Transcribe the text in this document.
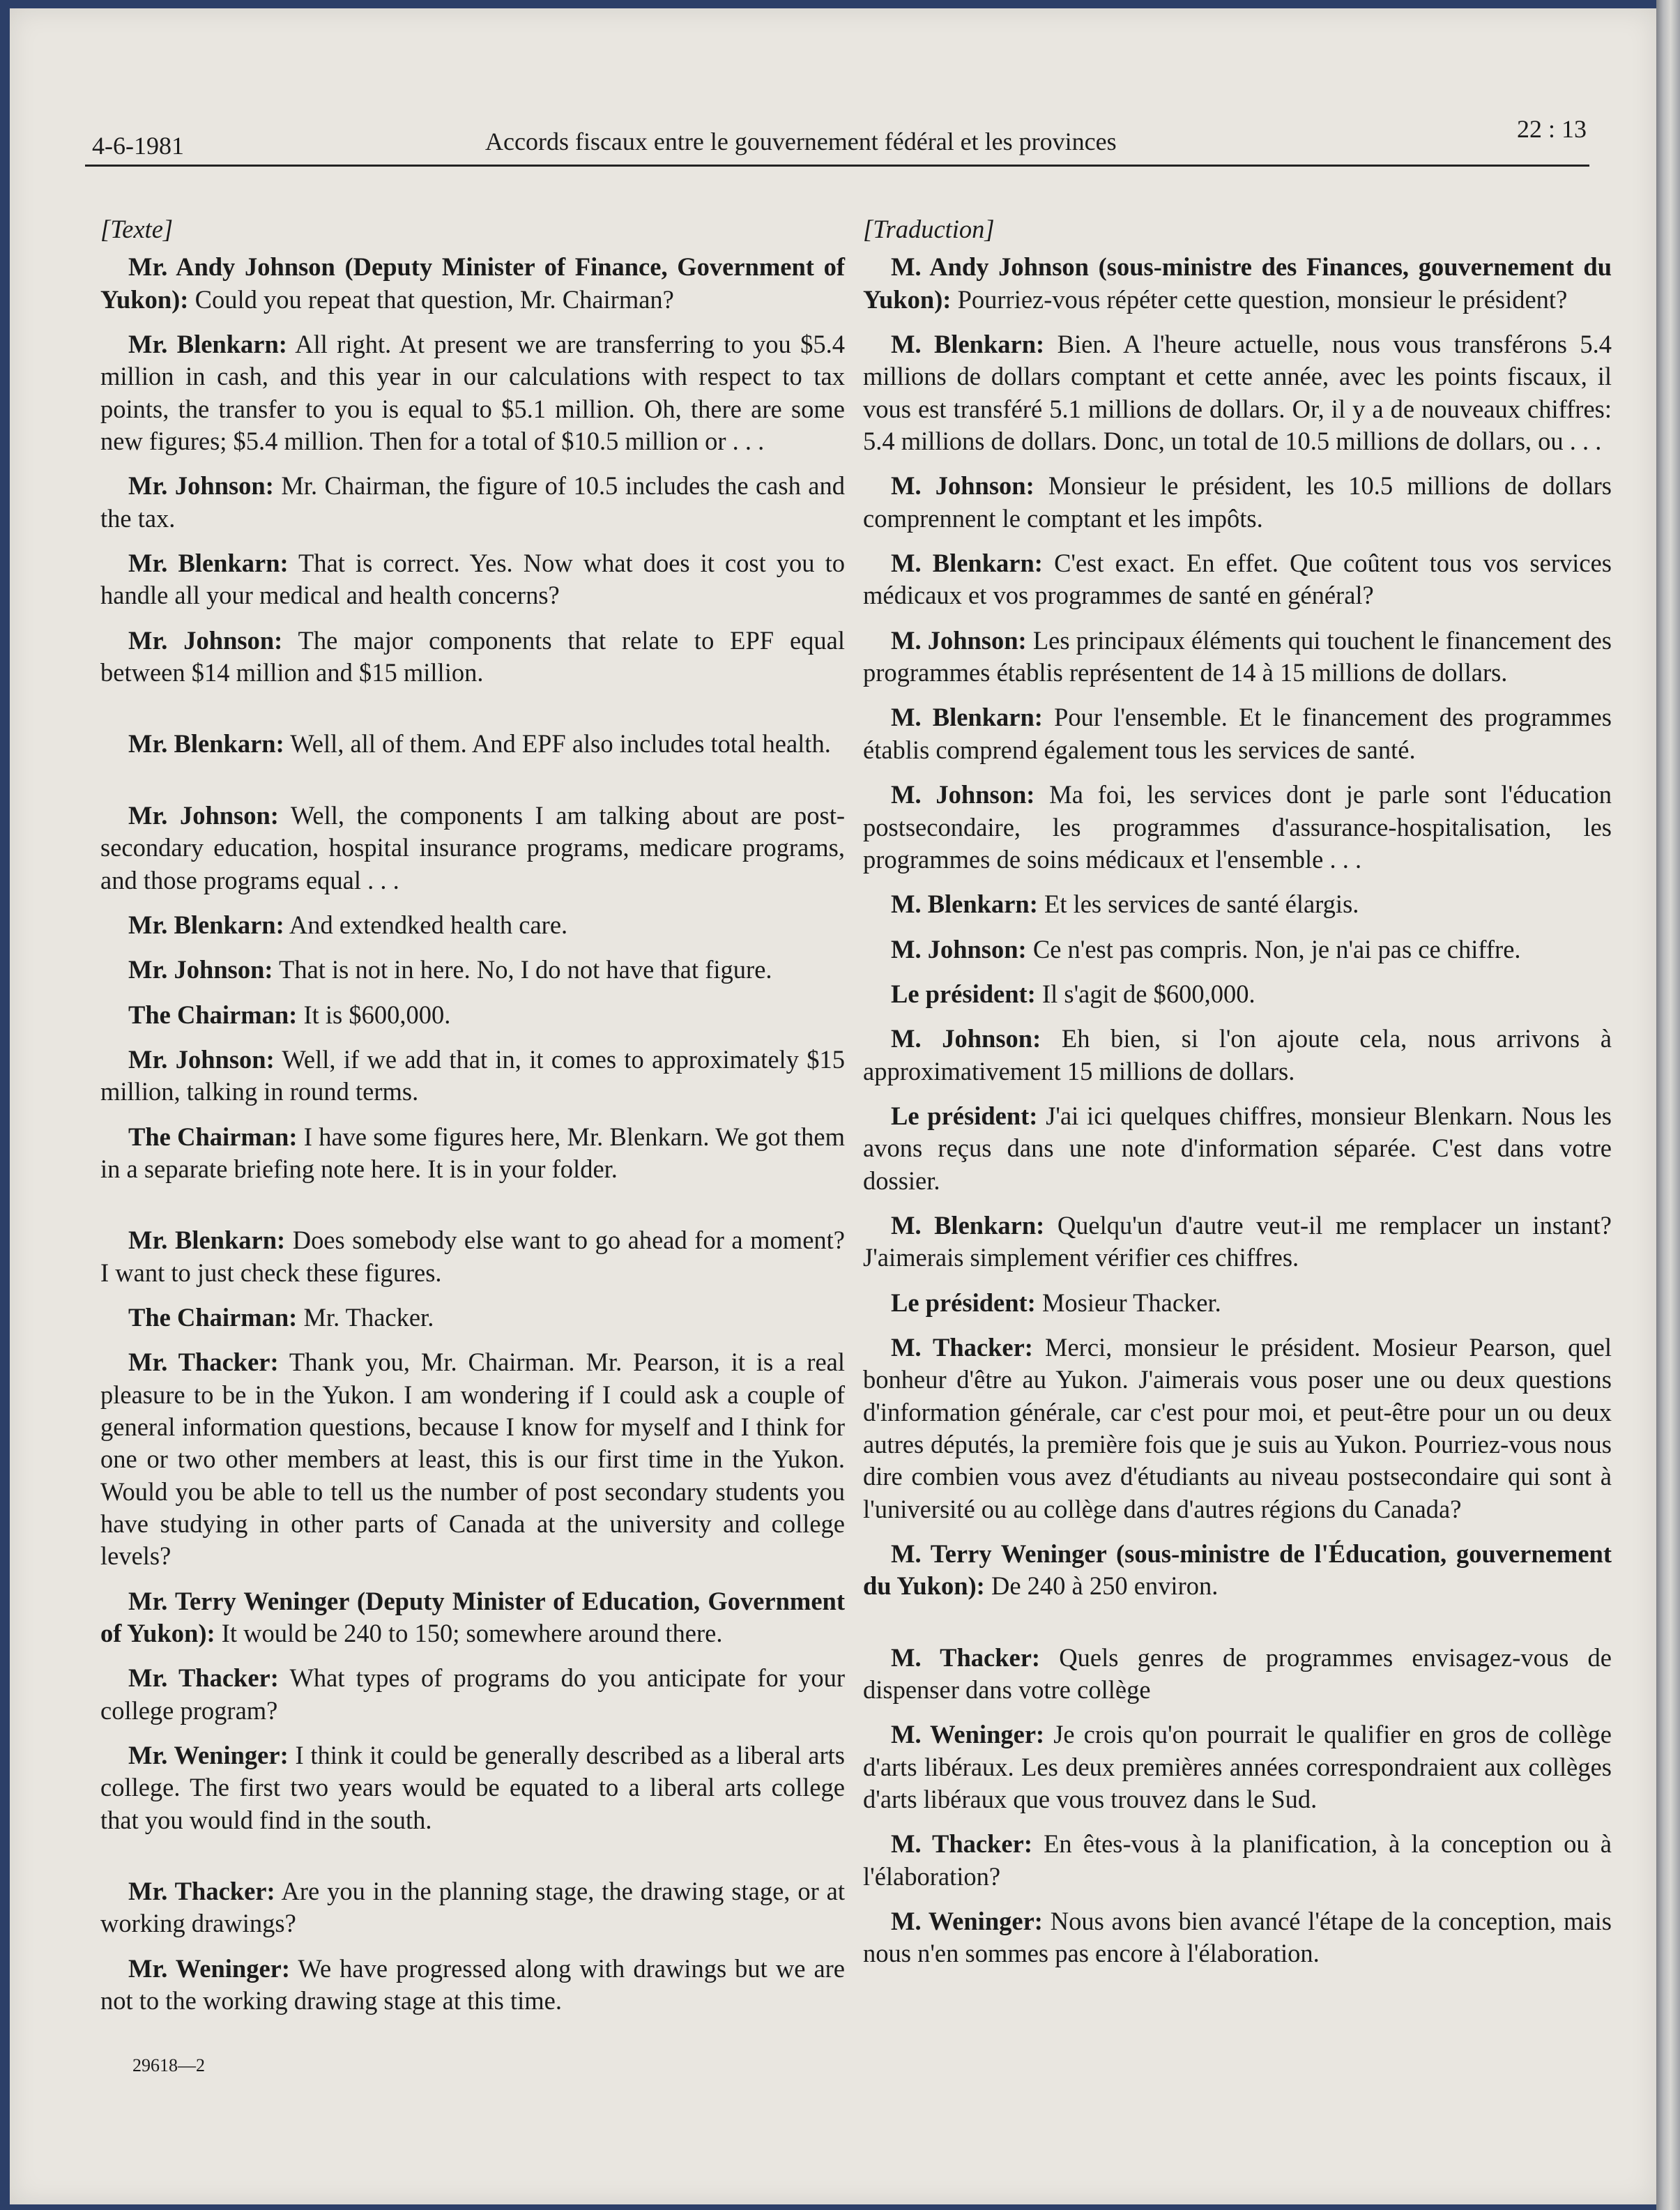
4-6-1981	Accords fiscaux entre le gouvernement fédéral et les provinces	22 : 13
[Texte]

Mr. Andy Johnson (Deputy Minister of Finance, Government of Yukon): Could you repeat that question, Mr. Chairman?

Mr. Blenkarn: All right. At present we are transferring to you $5.4 million in cash, and this year in our calculations with respect to tax points, the transfer to you is equal to $5.1 million. Oh, there are some new figures; $5.4 million. Then for a total of $10.5 million or . . .

Mr. Johnson: Mr. Chairman, the figure of 10.5 includes the cash and the tax.

Mr. Blenkarn: That is correct. Yes. Now what does it cost you to handle all your medical and health concerns?

Mr. Johnson: The major components that relate to EPF equal between $14 million and $15 million.

Mr. Blenkarn: Well, all of them. And EPF also includes total health.

Mr. Johnson: Well, the components I am talking about are post-secondary education, hospital insurance programs, medicare programs, and those programs equal . . .

Mr. Blenkarn: And extendked health care.

Mr. Johnson: That is not in here. No, I do not have that figure.

The Chairman: It is $600,000.

Mr. Johnson: Well, if we add that in, it comes to approximately $15 million, talking in round terms.

The Chairman: I have some figures here, Mr. Blenkarn. We got them in a separate briefing note here. It is in your folder.

Mr. Blenkarn: Does somebody else want to go ahead for a moment? I want to just check these figures.

The Chairman: Mr. Thacker.

Mr. Thacker: Thank you, Mr. Chairman. Mr. Pearson, it is a real pleasure to be in the Yukon. I am wondering if I could ask a couple of general information questions, because I know for myself and I think for one or two other members at least, this is our first time in the Yukon. Would you be able to tell us the number of post secondary students you have studying in other parts of Canada at the university and college levels?

Mr. Terry Weninger (Deputy Minister of Education, Government of Yukon): It would be 240 to 150; somewhere around there.

Mr. Thacker: What types of programs do you anticipate for your college program?

Mr. Weninger: I think it could be generally described as a liberal arts college. The first two years would be equated to a liberal arts college that you would find in the south.

Mr. Thacker: Are you in the planning stage, the drawing stage, or at working drawings?

Mr. Weninger: We have progressed along with drawings but we are not to the working drawing stage at this time.

[Traduction]

M. Andy Johnson (sous-ministre des Finances, gouvernement du Yukon): Pourriez-vous répéter cette question, monsieur le président?

M. Blenkarn: Bien. A l'heure actuelle, nous vous transférons 5.4 millions de dollars comptant et cette année, avec les points fiscaux, il vous est transféré 5.1 millions de dollars. Or, il y a de nouveaux chiffres: 5.4 millions de dollars. Donc, un total de 10.5 millions de dollars, ou . . .

M. Johnson: Monsieur le président, les 10.5 millions de dollars comprennent le comptant et les impôts.

M. Blenkarn: C'est exact. En effet. Que coûtent tous vos services médicaux et vos programmes de santé en général?

M. Johnson: Les principaux éléments qui touchent le financement des programmes établis représentent de 14 à 15 millions de dollars.

M. Blenkarn: Pour l'ensemble. Et le financement des programmes établis comprend également tous les services de santé.

M. Johnson: Ma foi, les services dont je parle sont l'éducation postsecondaire, les programmes d'assurance-hospitalisation, les programmes de soins médicaux et l'ensemble . . .

M. Blenkarn: Et les services de santé élargis.

M. Johnson: Ce n'est pas compris. Non, je n'ai pas ce chiffre.

Le président: Il s'agit de $600,000.

M. Johnson: Eh bien, si l'on ajoute cela, nous arrivons à approximativement 15 millions de dollars.

Le président: J'ai ici quelques chiffres, monsieur Blenkarn. Nous les avons reçus dans une note d'information séparée. C'est dans votre dossier.

M. Blenkarn: Quelqu'un d'autre veut-il me remplacer un instant? J'aimerais simplement vérifier ces chiffres.

Le président: Mosieur Thacker.

M. Thacker: Merci, monsieur le président. Mosieur Pearson, quel bonheur d'être au Yukon. J'aimerais vous poser une ou deux questions d'information générale, car c'est pour moi, et peut-être pour un ou deux autres députés, la première fois que je suis au Yukon. Pourriez-vous nous dire combien vous avez d'étudiants au niveau postsecondaire qui sont à l'université ou au collège dans d'autres régions du Canada?

M. Terry Weninger (sous-ministre de l'Éducation, gouvernement du Yukon): De 240 à 250 environ.

M. Thacker: Quels genres de programmes envisagez-vous de dispenser dans votre collège

M. Weninger: Je crois qu'on pourrait le qualifier en gros de collège d'arts libéraux. Les deux premières années correspondraient aux collèges d'arts libéraux que vous trouvez dans le Sud.

M. Thacker: En êtes-vous à la planification, à la conception ou à l'élaboration?

M. Weninger: Nous avons bien avancé l'étape de la conception, mais nous n'en sommes pas encore à l'élaboration.

29618—2
